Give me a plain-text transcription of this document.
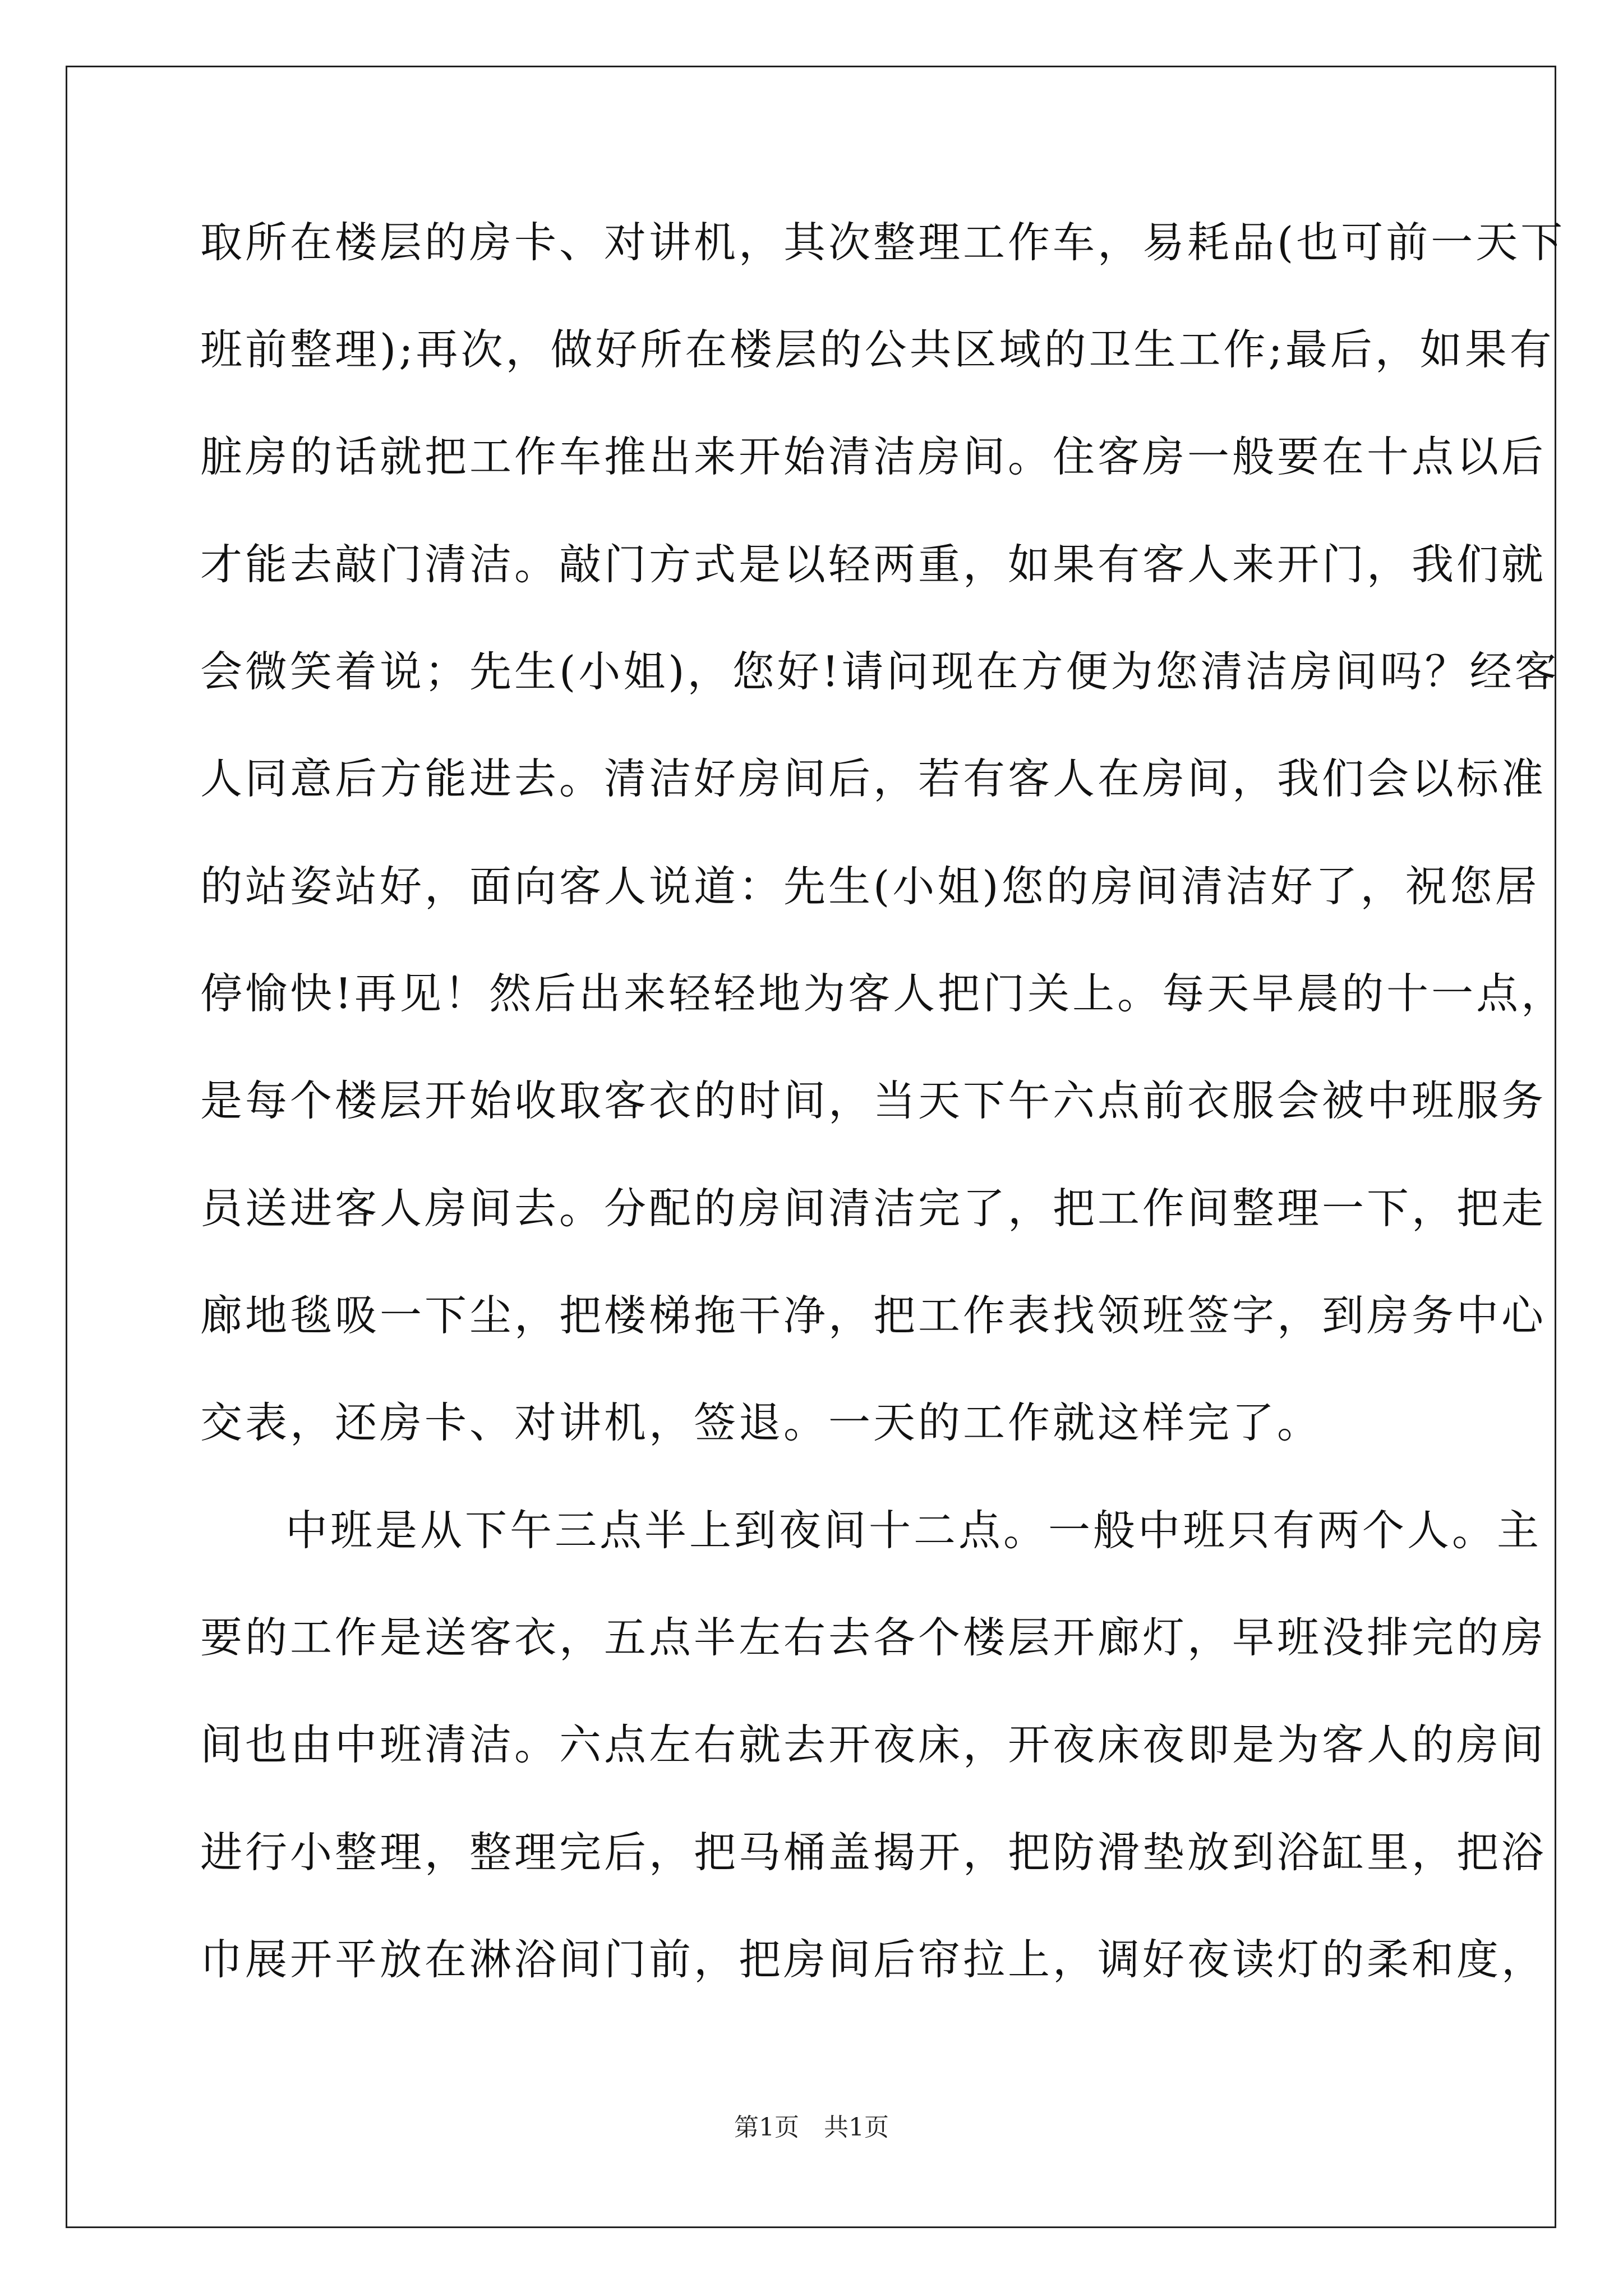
取所在楼层的房卡、对讲机，其次整理工作车，易耗品(也可前一天下
班前整理);再次，做好所在楼层的公共区域的卫生工作;最后，如果有
脏房的话就把工作车推出来开始清洁房间。住客房一般要在十点以后
才能去敲门清洁。敲门方式是以轻两重，如果有客人来开门，我们就
会微笑着说；先生(小姐)，您好!请问现在方便为您清洁房间吗？经客
人同意后方能进去。清洁好房间后，若有客人在房间，我们会以标准
的站姿站好，面向客人说道：先生(小姐)您的房间清洁好了，祝您居
停愉快!再见！然后出来轻轻地为客人把门关上。每天早晨的十一点，
是每个楼层开始收取客衣的时间，当天下午六点前衣服会被中班服务
员送进客人房间去。分配的房间清洁完了，把工作间整理一下，把走
廊地毯吸一下尘，把楼梯拖干净，把工作表找领班签字，到房务中心
交表，还房卡、对讲机，签退。一天的工作就这样完了。
中班是从下午三点半上到夜间十二点。一般中班只有两个人。主
要的工作是送客衣，五点半左右去各个楼层开廊灯，早班没排完的房
间也由中班清洁。六点左右就去开夜床，开夜床夜即是为客人的房间
进行小整理，整理完后，把马桶盖揭开，把防滑垫放到浴缸里，把浴
巾展开平放在淋浴间门前，把房间后帘拉上，调好夜读灯的柔和度，
第1页　共1页
